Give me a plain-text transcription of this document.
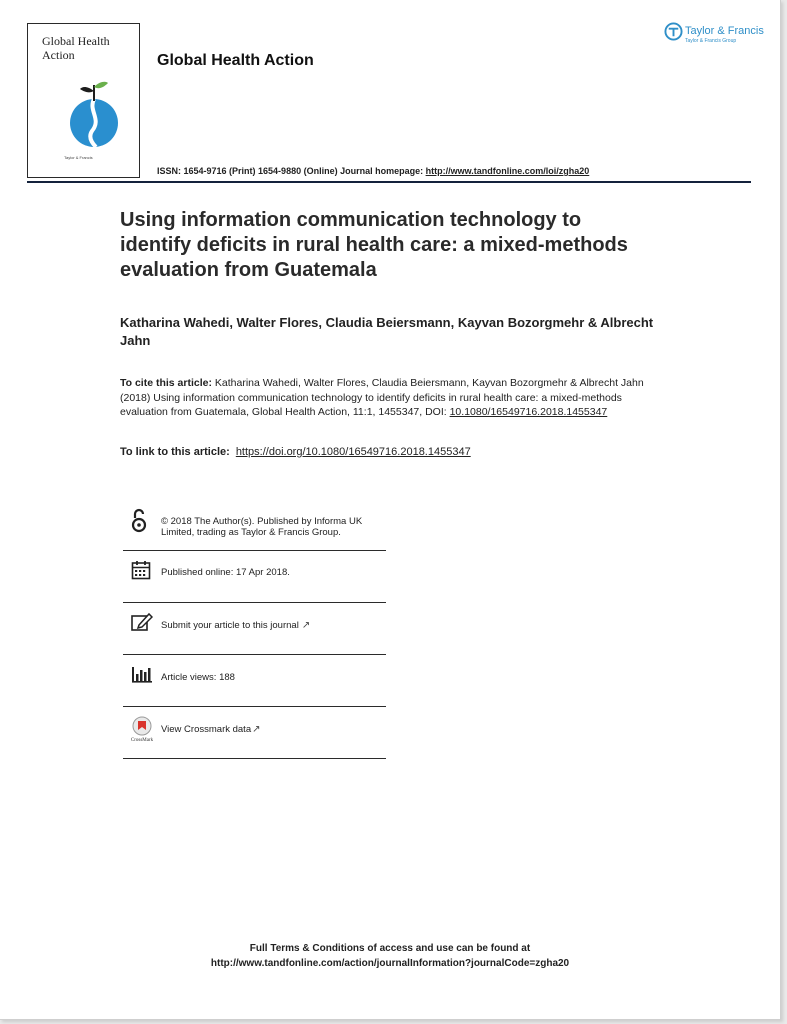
Global Health Action
Taylor & Francis
Global Health Action
Taylor & Francis
Taylor & Francis Group
ISSN: 1654-9716 (Print) 1654-9880 (Online) Journal homepage: http://www.tandfonline.com/loi/zgha20
Using information communication technology to identify deficits in rural health care: a mixed-methods evaluation from Guatemala
Katharina Wahedi, Walter Flores, Claudia Beiersmann, Kayvan Bozorgmehr & Albrecht Jahn
To cite this article: Katharina Wahedi, Walter Flores, Claudia Beiersmann, Kayvan Bozorgmehr & Albrecht Jahn (2018) Using information communication technology to identify deficits in rural health care: a mixed-methods evaluation from Guatemala, Global Health Action, 11:1, 1455347, DOI: 10.1080/16549716.2018.1455347
To link to this article: https://doi.org/10.1080/16549716.2018.1455347
© 2018 The Author(s). Published by Informa UK Limited, trading as Taylor & Francis Group.
Published online: 17 Apr 2018.
Submit your article to this journal ↗
Article views: 188
CrossMark
View Crossmark data↗
Full Terms & Conditions of access and use can be found at
http://www.tandfonline.com/action/journalInformation?journalCode=zgha20
